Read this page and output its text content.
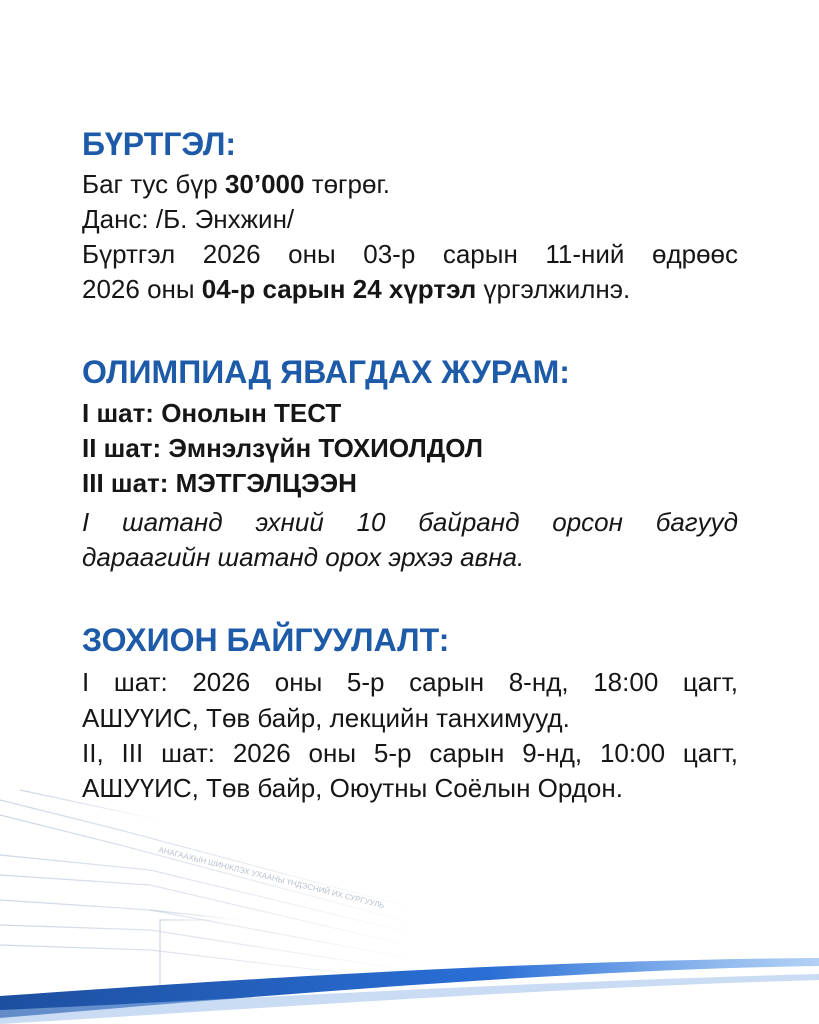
БҮРТГЭЛ:
Баг тус бүр 30’000 төгрөг.
Данс: /Б. Энхжин/
Бүртгэл 2026 оны 03-р сарын 11-ний өдрөөс
2026 оны 04-р сарын 24 хүртэл үргэлжилнэ.
ОЛИМПИАД ЯВАГДАХ ЖУРАМ:
I шат: Онолын ТЕСТ
II шат: Эмнэлзүйн ТОХИОЛДОЛ
III шат: МЭТГЭЛЦЭЭН
I шатанд эхний 10 байранд орсон багууд
дараагийн шатанд орох эрхээ авна.
ЗОХИОН БАЙГУУЛАЛТ:
I шат: 2026 оны 5-р сарын 8-нд, 18:00 цагт,
АШУҮИС, Төв байр, лекцийн танхимууд.
II, III шат: 2026 оны 5-р сарын 9-нд, 10:00 цагт,
АШУҮИС, Төв байр, Оюутны Соёлын Ордон.
АНАГААХЫН ШИНЖЛЭХ УХААНЫ ҮНДЭСНИЙ ИХ СУРГУУЛЬ
